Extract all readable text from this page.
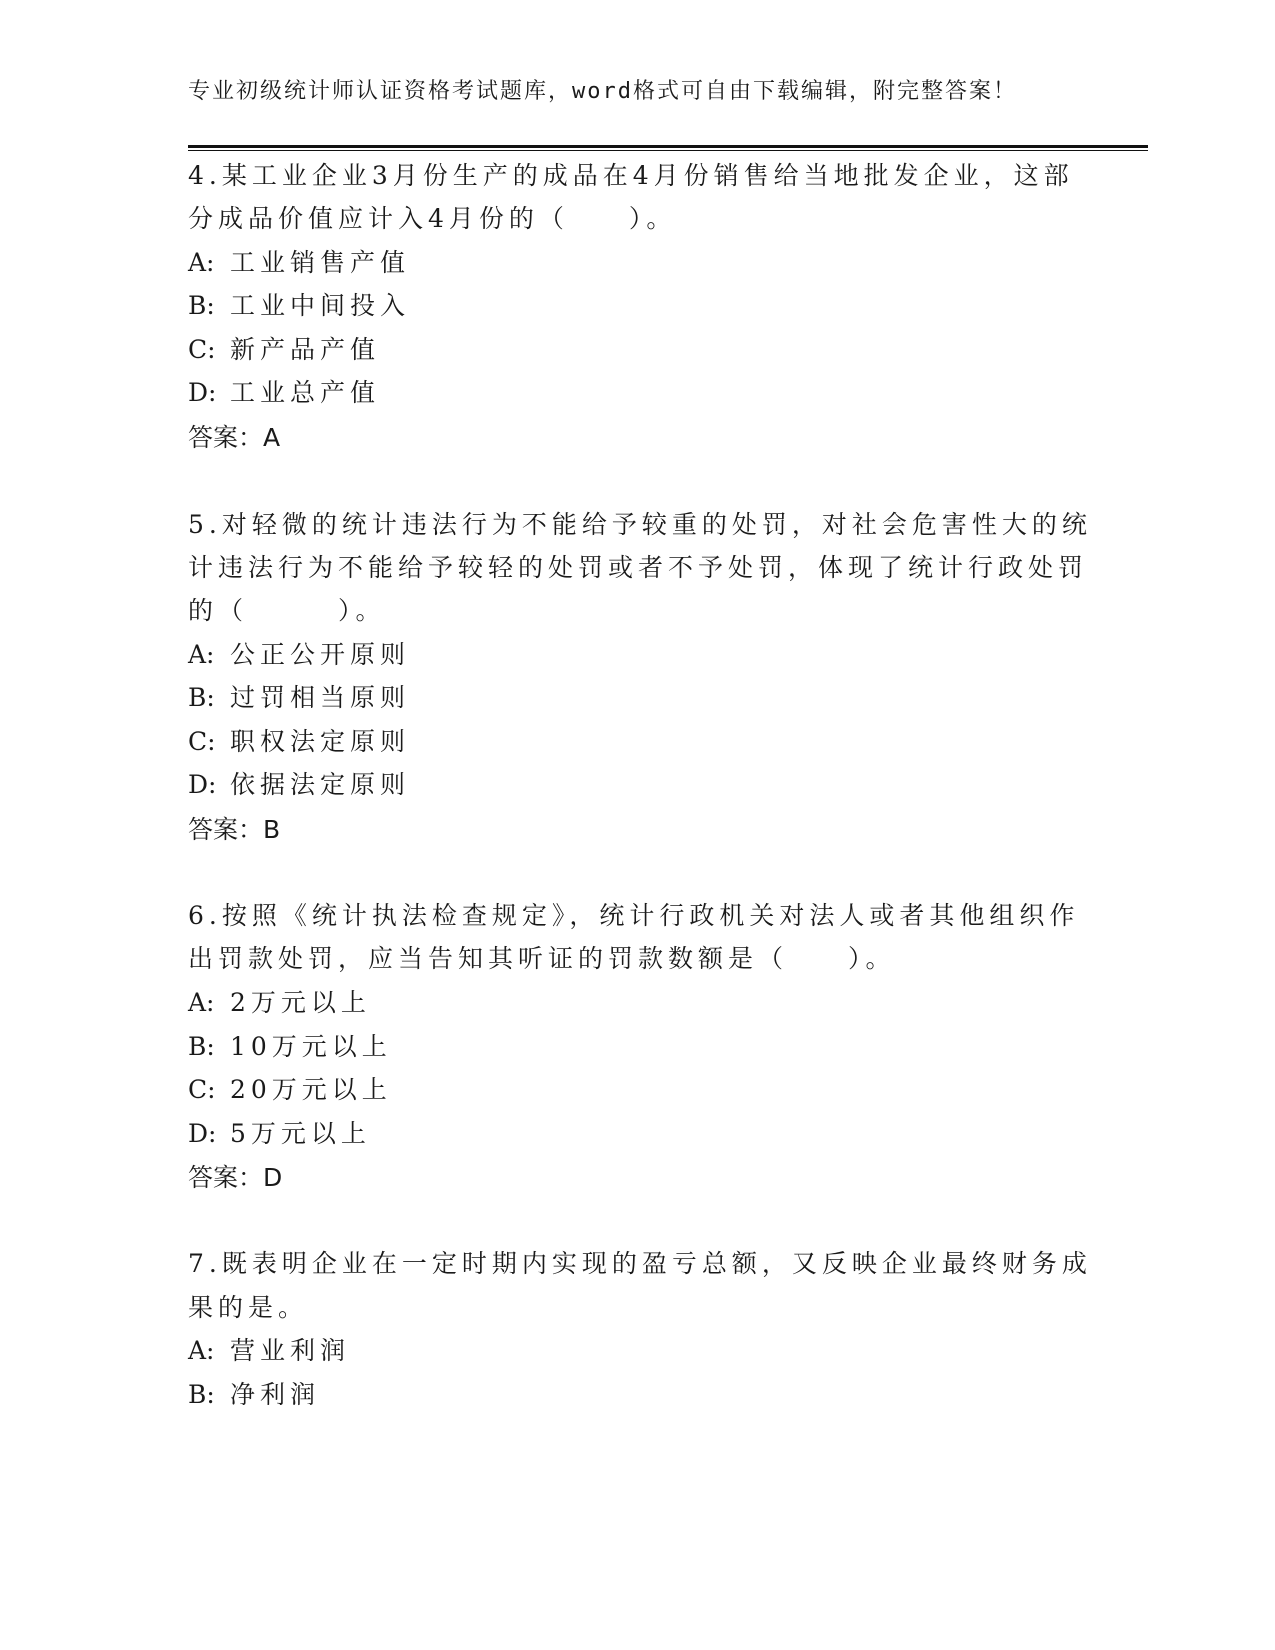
专业初级统计师认证资格考试题库，word格式可自由下载编辑，附完整答案！
4.某工业企业3月份生产的成品在4月份销售给当地批发企业，这部
分成品价值应计入4月份的（　　）。
A: 工业销售产值
B: 工业中间投入
C: 新产品产值
D: 工业总产值
答案：A
5.对轻微的统计违法行为不能给予较重的处罚，对社会危害性大的统
计违法行为不能给予较轻的处罚或者不予处罚，体现了统计行政处罚
的（　　　）。
A: 公正公开原则
B: 过罚相当原则
C: 职权法定原则
D: 依据法定原则
答案：B
6.按照《统计执法检查规定》，统计行政机关对法人或者其他组织作
出罚款处罚，应当告知其听证的罚款数额是（　　）。
A: 2万元以上
B: 10万元以上
C: 20万元以上
D: 5万元以上
答案：D
7.既表明企业在一定时期内实现的盈亏总额，又反映企业最终财务成
果的是。
A: 营业利润
B: 净利润
